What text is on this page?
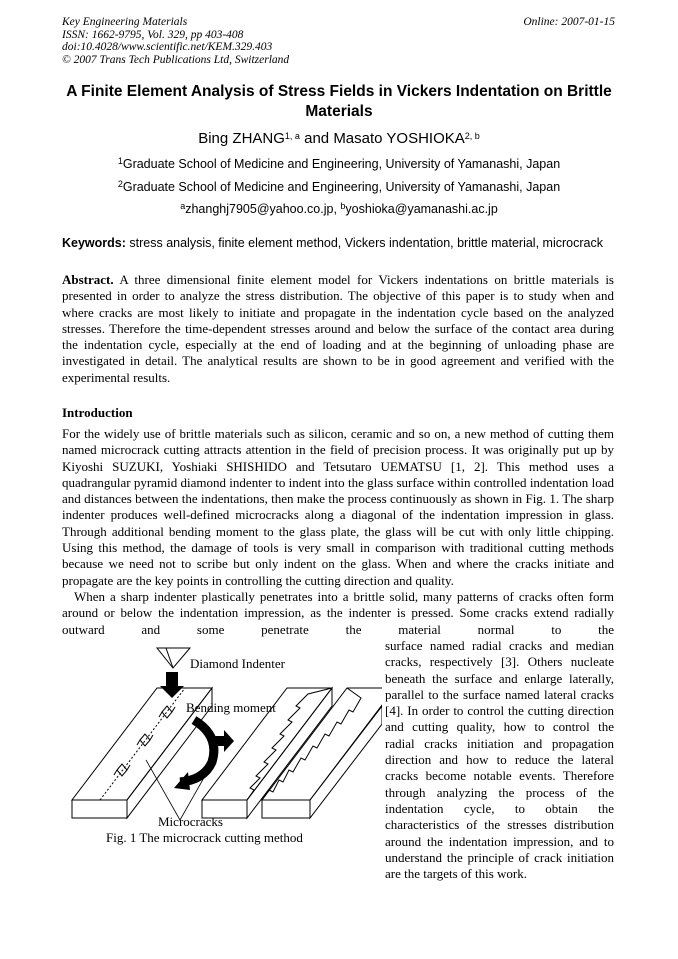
Key Engineering Materials
ISSN: 1662-9795, Vol. 329, pp 403-408
doi:10.4028/www.scientific.net/KEM.329.403
© 2007 Trans Tech Publications Ltd, Switzerland
Online: 2007-01-15
A Finite Element Analysis of Stress Fields in Vickers Indentation on Brittle Materials
Bing ZHANG$^{1, a}$ and Masato YOSHIOKA$^{2, b}$
$^1$Graduate School of Medicine and Engineering, University of Yamanashi, Japan
$^2$Graduate School of Medicine and Engineering, University of Yamanashi, Japan
$^a$zhanghj7905@yahoo.co.jp, $^b$yoshioka@yamanashi.ac.jp
Keywords: stress analysis, finite element method, Vickers indentation, brittle material, microcrack
Abstract. A three dimensional finite element model for Vickers indentations on brittle materials is presented in order to analyze the stress distribution. The objective of this paper is to study when and where cracks are most likely to initiate and propagate in the indentation cycle based on the analyzed stresses. Therefore the time-dependent stresses around and below the surface of the contact area during the indentation cycle, especially at the end of loading and at the beginning of unloading phase are investigated in detail. The analytical results are shown to be in good agreement and verified with the experimental results.
Introduction

For the widely use of brittle materials such as silicon, ceramic and so on, a new method of cutting them named microcrack cutting attracts attention in the field of precision process. It was originally put up by Kiyoshi SUZUKI, Yoshiaki SHISHIDO and Tetsutaro UEMATSU [1, 2]. This method uses a quadrangular pyramid diamond indenter to indent into the glass surface within controlled indentation load and distances between the indentations, then make the process continuously as shown in Fig. 1. The sharp indenter produces well-defined microcracks along a diagonal of the indentation impression in glass. Through additional bending moment to the glass plate, the glass will be cut with only little chipping. Using this method, the damage of tools is very small in comparison with traditional cutting methods because we need not to scribe but only indent on the glass. When and where the cracks initiate and propagate are the key points in controlling the cutting direction and quality.

When a sharp indenter plastically penetrates into a brittle solid, many patterns of cracks often form around or below the indentation impression, as the indenter is pressed. Some cracks extend radially outward and some penetrate the material normal to the

surface named radial cracks and median cracks, respectively [3]. Others nucleate beneath the surface and enlarge laterally, parallel to the surface named lateral cracks [4]. In order to control the cutting direction and cutting quality, how to control the radial cracks initiation and propagation direction and how to reduce the lateral cracks become notable events. Therefore through analyzing the process of the indentation cycle, to obtain the characteristics of the stresses distribution around the indentation impression, and to understand the principle of crack initiation are the targets of this work.

Diamond Indenter
Bending moment
Microcracks
Fig. 1 The microcrack cutting method
